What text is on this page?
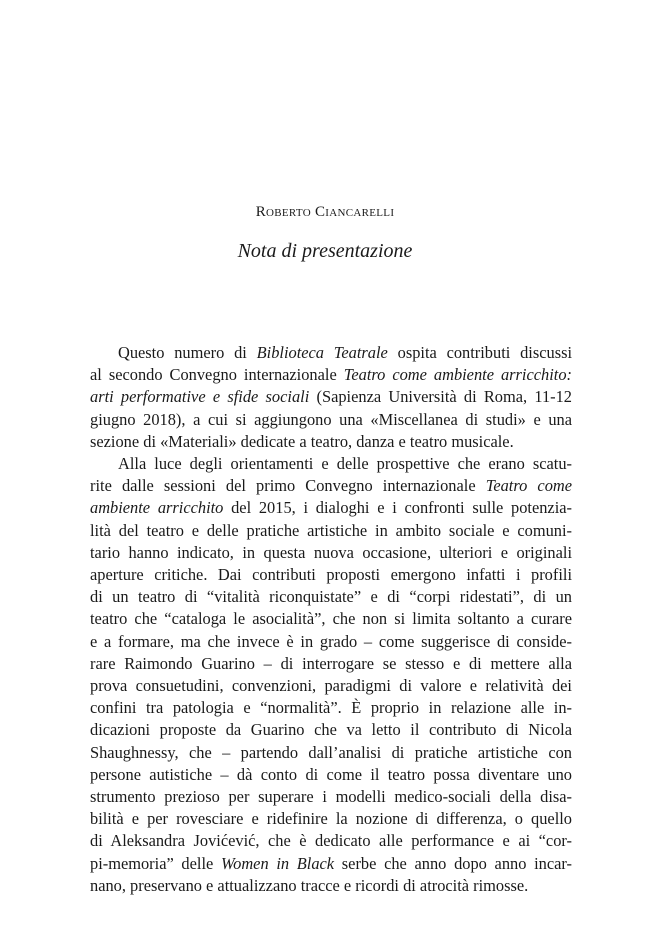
Roberto Ciancarelli
Nota di presentazione
Questo numero di Biblioteca Teatrale ospita contributi discussi
al secondo Convegno internazionale Teatro come ambiente arricchito:
arti performative e sfide sociali (Sapienza Università di Roma, 11-12
giugno 2018), a cui si aggiungono una «Miscellanea di studi» e una
sezione di «Materiali» dedicate a teatro, danza e teatro musicale.
Alla luce degli orientamenti e delle prospettive che erano scatu-
rite dalle sessioni del primo Convegno internazionale Teatro come
ambiente arricchito del 2015, i dialoghi e i confronti sulle potenzia-
lità del teatro e delle pratiche artistiche in ambito sociale e comuni-
tario hanno indicato, in questa nuova occasione, ulteriori e originali
aperture critiche. Dai contributi proposti emergono infatti i profili
di un teatro di “vitalità riconquistate” e di “corpi ridestati”, di un
teatro che “cataloga le asocialità”, che non si limita soltanto a curare
e a formare, ma che invece è in grado – come suggerisce di conside-
rare Raimondo Guarino – di interrogare se stesso e di mettere alla
prova consuetudini, convenzioni, paradigmi di valore e relatività dei
confini tra patologia e “normalità”. È proprio in relazione alle in-
dicazioni proposte da Guarino che va letto il contributo di Nicola
Shaughnessy, che – partendo dall’analisi di pratiche artistiche con
persone autistiche – dà conto di come il teatro possa diventare uno
strumento prezioso per superare i modelli medico-sociali della disa-
bilità e per rovesciare e ridefinire la nozione di differenza, o quello
di Aleksandra Jovićević, che è dedicato alle performance e ai “cor-
pi-memoria” delle Women in Black serbe che anno dopo anno incar-
nano, preservano e attualizzano tracce e ricordi di atrocità rimosse.
